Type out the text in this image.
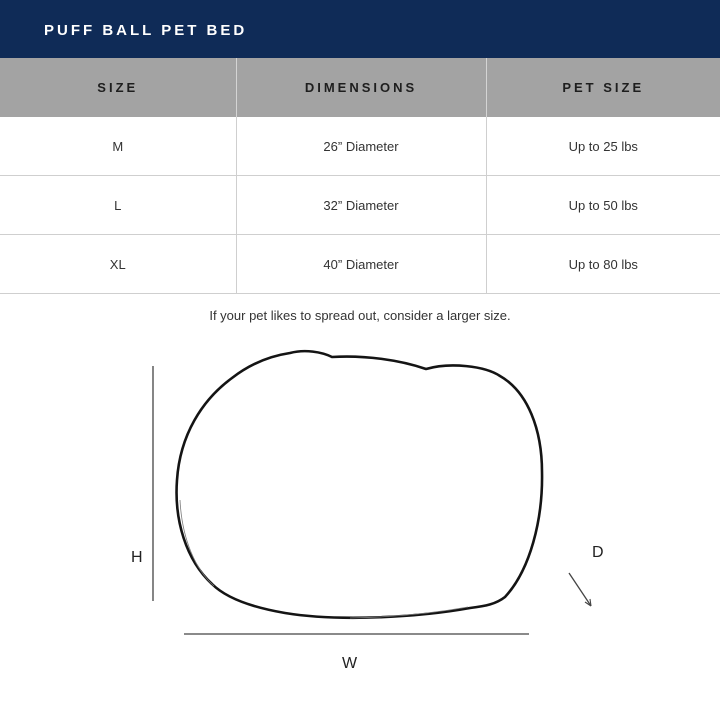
PUFF BALL PET BED
SIZE	DIMENSIONS	PET SIZE
M	26” Diameter	Up to 25 lbs
L	32” Diameter	Up to 50 lbs
XL	40” Diameter	Up to 80 lbs
If your pet likes to spread out, consider a larger size.
H
W
D
